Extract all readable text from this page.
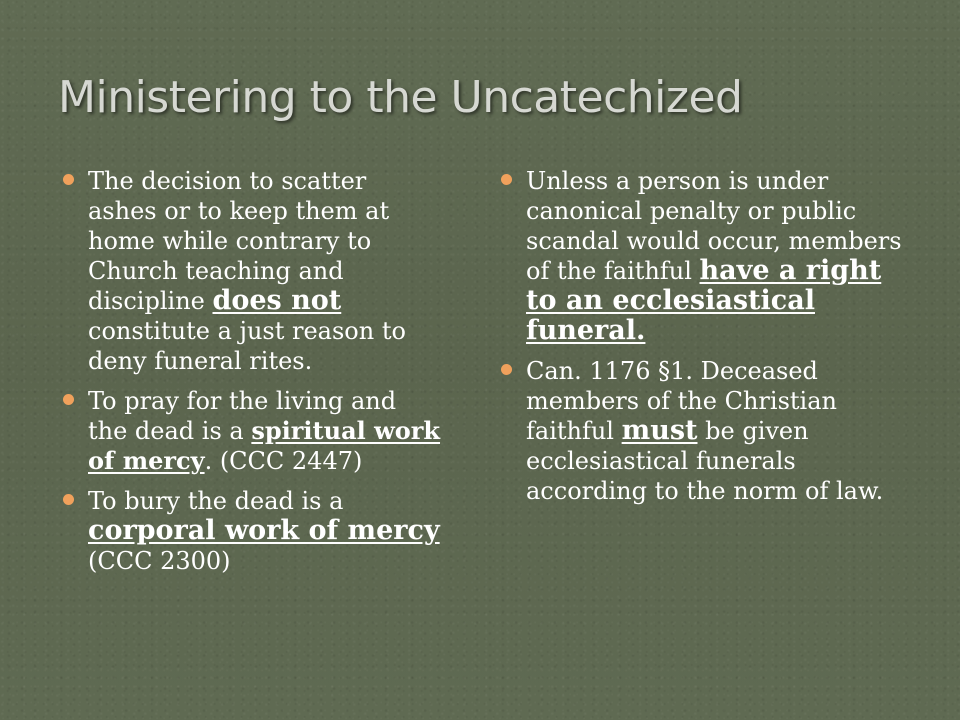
Ministering to the Uncatechized
The decision to scatter ashes or to keep them at home while contrary to Church teaching and discipline does not constitute a just reason to deny funeral rites.
To pray for the living and the dead is a spiritual work of mercy. (CCC 2447)
To bury the dead is a corporal work of mercy (CCC 2300)
Unless a person is under canonical penalty or public scandal would occur, members of the faithful have a right to an ecclesiastical funeral.
Can. 1176 §1. Deceased members of the Christian faithful must be given ecclesiastical funerals according to the norm of law.
